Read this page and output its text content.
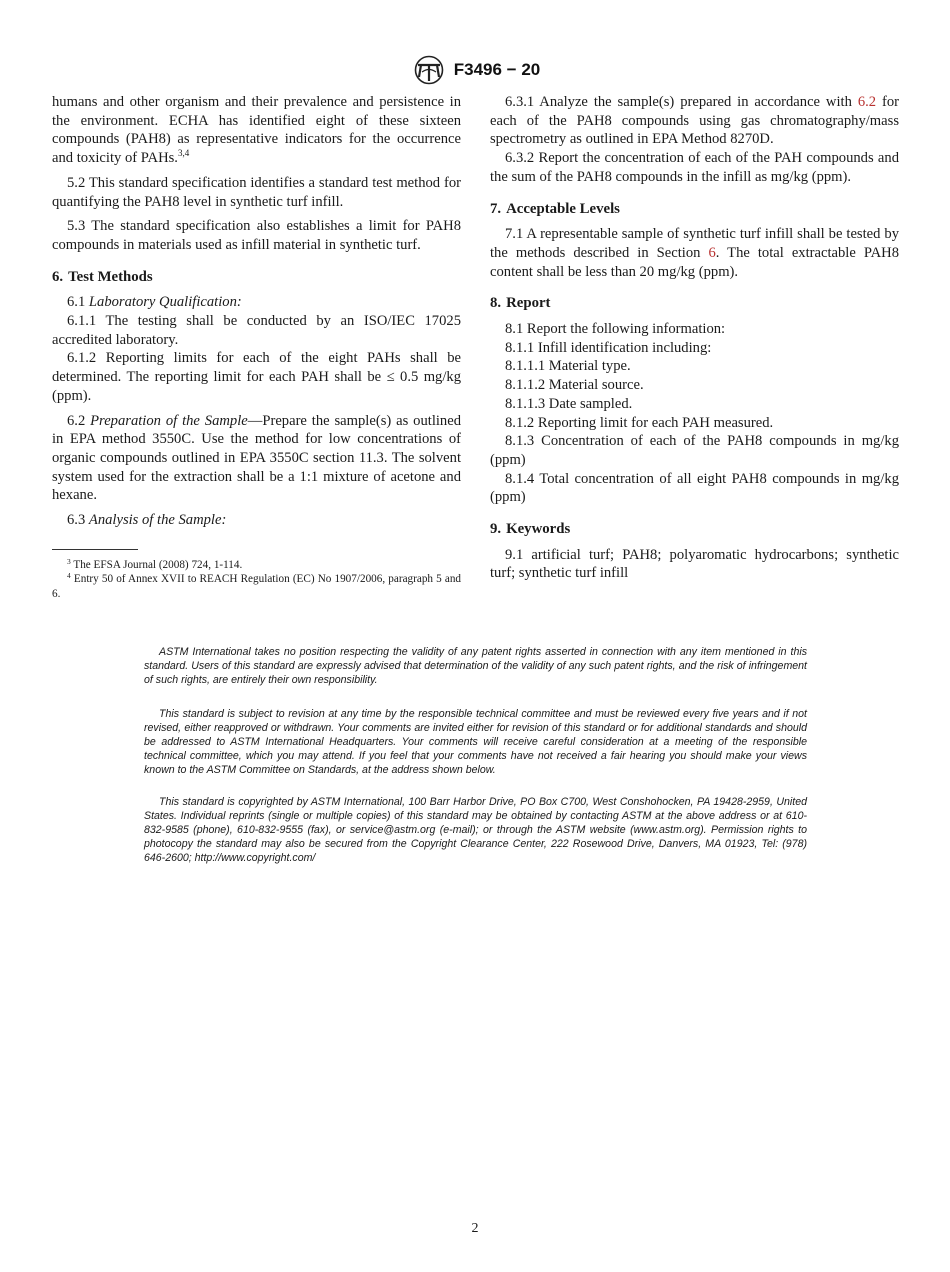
F3496 − 20

humans and other organism and their prevalence and persistence in the environment. ECHA has identified eight of these sixteen compounds (PAH8) as representative indicators for the occurrence and toxicity of PAHs.$^{3,4}$

5.2 This standard specification identifies a standard test method for quantifying the PAH8 level in synthetic turf infill.

5.3 The standard specification also establishes a limit for PAH8 compounds in materials used as infill material in synthetic turf.

6. Test Methods

6.1 Laboratory Qualification:

6.1.1 The testing shall be conducted by an ISO/IEC 17025 accredited laboratory.

6.1.2 Reporting limits for each of the eight PAHs shall be determined. The reporting limit for each PAH shall be ≤ 0.5 mg/kg (ppm).

6.2 Preparation of the Sample—Prepare the sample(s) as outlined in EPA method 3550C. Use the method for low concentrations of organic compounds outlined in EPA 3550C section 11.3. The solvent system used for the extraction shall be a 1:1 mixture of acetone and hexane.

6.3 Analysis of the Sample:

$^3$ The EFSA Journal (2008) 724, 1-114.

$^4$ Entry 50 of Annex XVII to REACH Regulation (EC) No 1907/2006, paragraph 5 and 6.

6.3.1 Analyze the sample(s) prepared in accordance with 6.2 for each of the PAH8 compounds using gas chromatography/mass spectrometry as outlined in EPA Method 8270D.

6.3.2 Report the concentration of each of the PAH compounds and the sum of the PAH8 compounds in the infill as mg/kg (ppm).

7. Acceptable Levels

7.1 A representable sample of synthetic turf infill shall be tested by the methods described in Section 6. The total extractable PAH8 content shall be less than 20 mg/kg (ppm).

8. Report

8.1 Report the following information:

8.1.1 Infill identification including:

8.1.1.1 Material type.

8.1.1.2 Material source.

8.1.1.3 Date sampled.

8.1.2 Reporting limit for each PAH measured.

8.1.3 Concentration of each of the PAH8 compounds in mg/kg (ppm)

8.1.4 Total concentration of all eight PAH8 compounds in mg/kg (ppm)

9. Keywords

9.1 artificial turf; PAH8; polyaromatic hydrocarbons; synthetic turf; synthetic turf infill

ASTM International takes no position respecting the validity of any patent rights asserted in connection with any item mentioned in this standard. Users of this standard are expressly advised that determination of the validity of any such patent rights, and the risk of infringement of such rights, are entirely their own responsibility.

This standard is subject to revision at any time by the responsible technical committee and must be reviewed every five years and if not revised, either reapproved or withdrawn. Your comments are invited either for revision of this standard or for additional standards and should be addressed to ASTM International Headquarters. Your comments will receive careful consideration at a meeting of the responsible technical committee, which you may attend. If you feel that your comments have not received a fair hearing you should make your views known to the ASTM Committee on Standards, at the address shown below.

This standard is copyrighted by ASTM International, 100 Barr Harbor Drive, PO Box C700, West Conshohocken, PA 19428-2959, United States. Individual reprints (single or multiple copies) of this standard may be obtained by contacting ASTM at the above address or at 610-832-9585 (phone), 610-832-9555 (fax), or service@astm.org (e-mail); or through the ASTM website (www.astm.org). Permission rights to photocopy the standard may also be secured from the Copyright Clearance Center, 222 Rosewood Drive, Danvers, MA 01923, Tel: (978) 646-2600; http://www.copyright.com/

2
